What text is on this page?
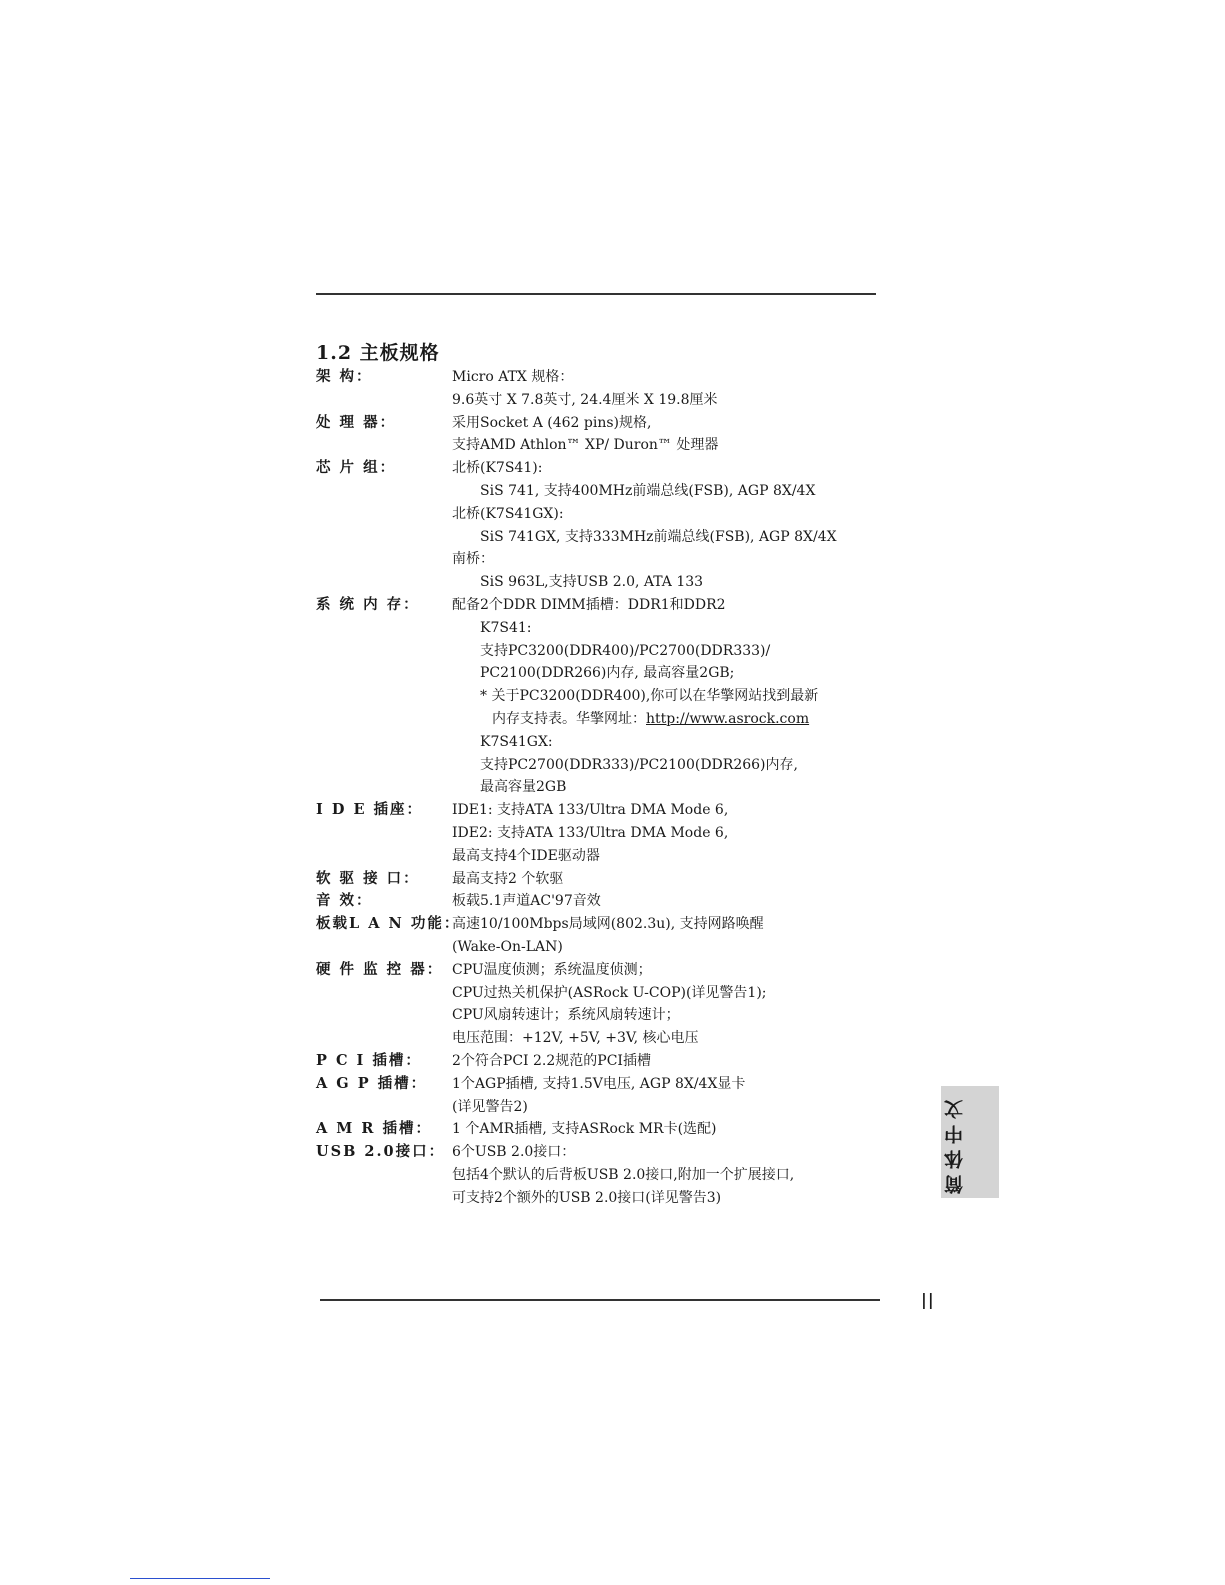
1.2 主板规格
架 构：	Micro ATX 规格：
9.6英寸 X 7.8英寸, 24.4厘米 X 19.8厘米
处 理 器：	采用Socket A (462 pins)规格,
支持AMD Athlon™ XP/ Duron™ 处理器
芯 片 组：	北桥(K7S41):
SiS 741, 支持400MHz前端总线(FSB), AGP 8X/4X
北桥(K7S41GX):
SiS 741GX, 支持333MHz前端总线(FSB), AGP 8X/4X
南桥：
SiS 963L,支持USB 2.0, ATA 133
系 统 内 存：	配备2个DDR DIMM插槽：DDR1和DDR2
K7S41:
支持PC3200(DDR400)/PC2700(DDR333)/
PC2100(DDR266)内存, 最高容量2GB;
* 关于PC3200(DDR400),你可以在华擎网站找到最新
内存支持表。华擎网址：http://www.asrock.com
K7S41GX:
支持PC2700(DDR333)/PC2100(DDR266)内存,
最高容量2GB
I D E 插座：	IDE1: 支持ATA 133/Ultra DMA Mode 6,
IDE2: 支持ATA 133/Ultra DMA Mode 6,
最高支持4个IDE驱动器
软 驱 接 口：	最高支持2 个软驱
音 效：	板载5.1声道AC'97音效
板载L A N 功能：
高速10/100Mbps局域网(802.3u), 支持网路唤醒
(Wake-On-LAN)
硬 件 监 控 器： CPU温度侦测；系统温度侦测；
CPU过热关机保护(ASRock U-COP)(详见警告1);
CPU风扇转速计；系统风扇转速计；
电压范围：+12V, +5V, +3V, 核心电压
P C I 插槽：	2个符合PCI 2.2规范的PCI插槽
A G P 插槽：	1个AGP插槽, 支持1.5V电压, AGP 8X/4X显卡
(详见警告2)
A M R 插槽：	1 个AMR插槽, 支持ASRock MR卡(选配)
USB 2.0接口： 6个USB 2.0接口：
包括4个默认的后背板USB 2.0接口,附加一个扩展接口,
可支持2个额外的USB 2.0接口(详见警告3)
简体中文
||
